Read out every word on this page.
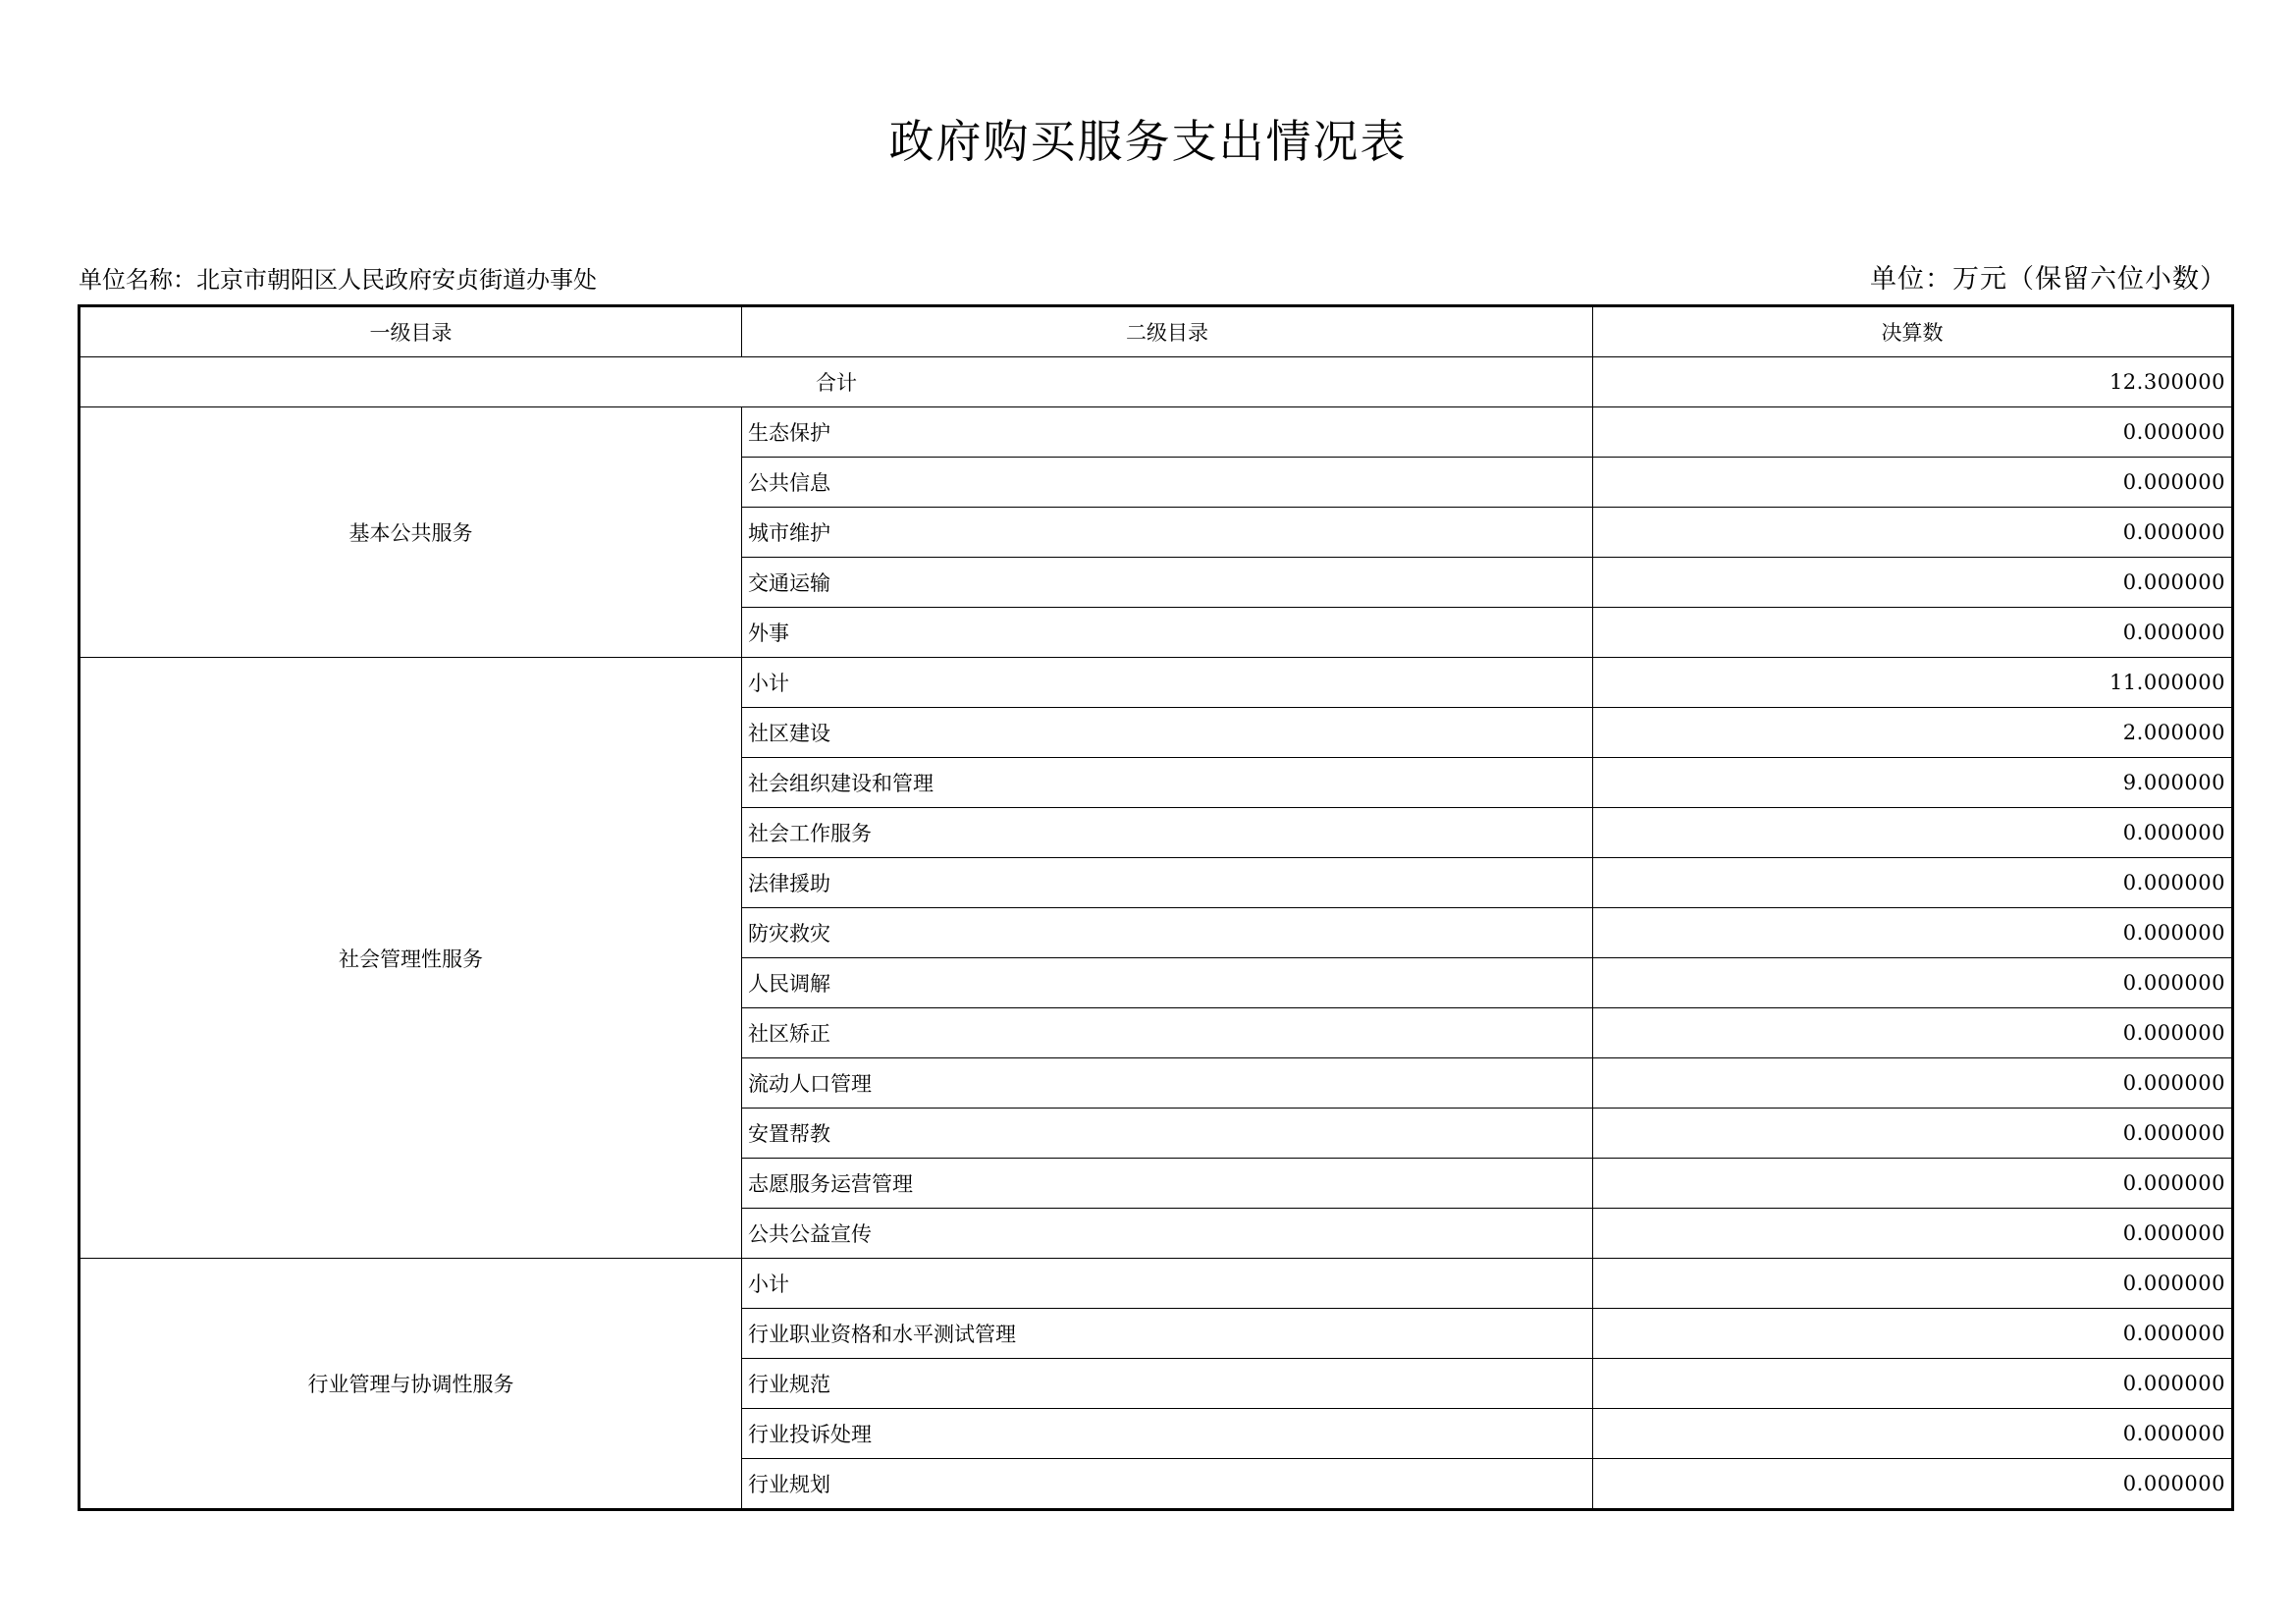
政府购买服务支出情况表
单位名称：北京市朝阳区人民政府安贞街道办事处	单位：万元（保留六位小数）
一级目录	二级目录	决算数
合计		12.300000
基本公共服务	生态保护	0.000000
	公共信息	0.000000
	城市维护	0.000000
	交通运输	0.000000
	外事	0.000000
社会管理性服务	小计	11.000000
	社区建设	2.000000
	社会组织建设和管理	9.000000
	社会工作服务	0.000000
	法律援助	0.000000
	防灾救灾	0.000000
	人民调解	0.000000
	社区矫正	0.000000
	流动人口管理	0.000000
	安置帮教	0.000000
	志愿服务运营管理	0.000000
	公共公益宣传	0.000000
行业管理与协调性服务	小计	0.000000
	行业职业资格和水平测试管理	0.000000
	行业规范	0.000000
	行业投诉处理	0.000000
	行业规划	0.000000
